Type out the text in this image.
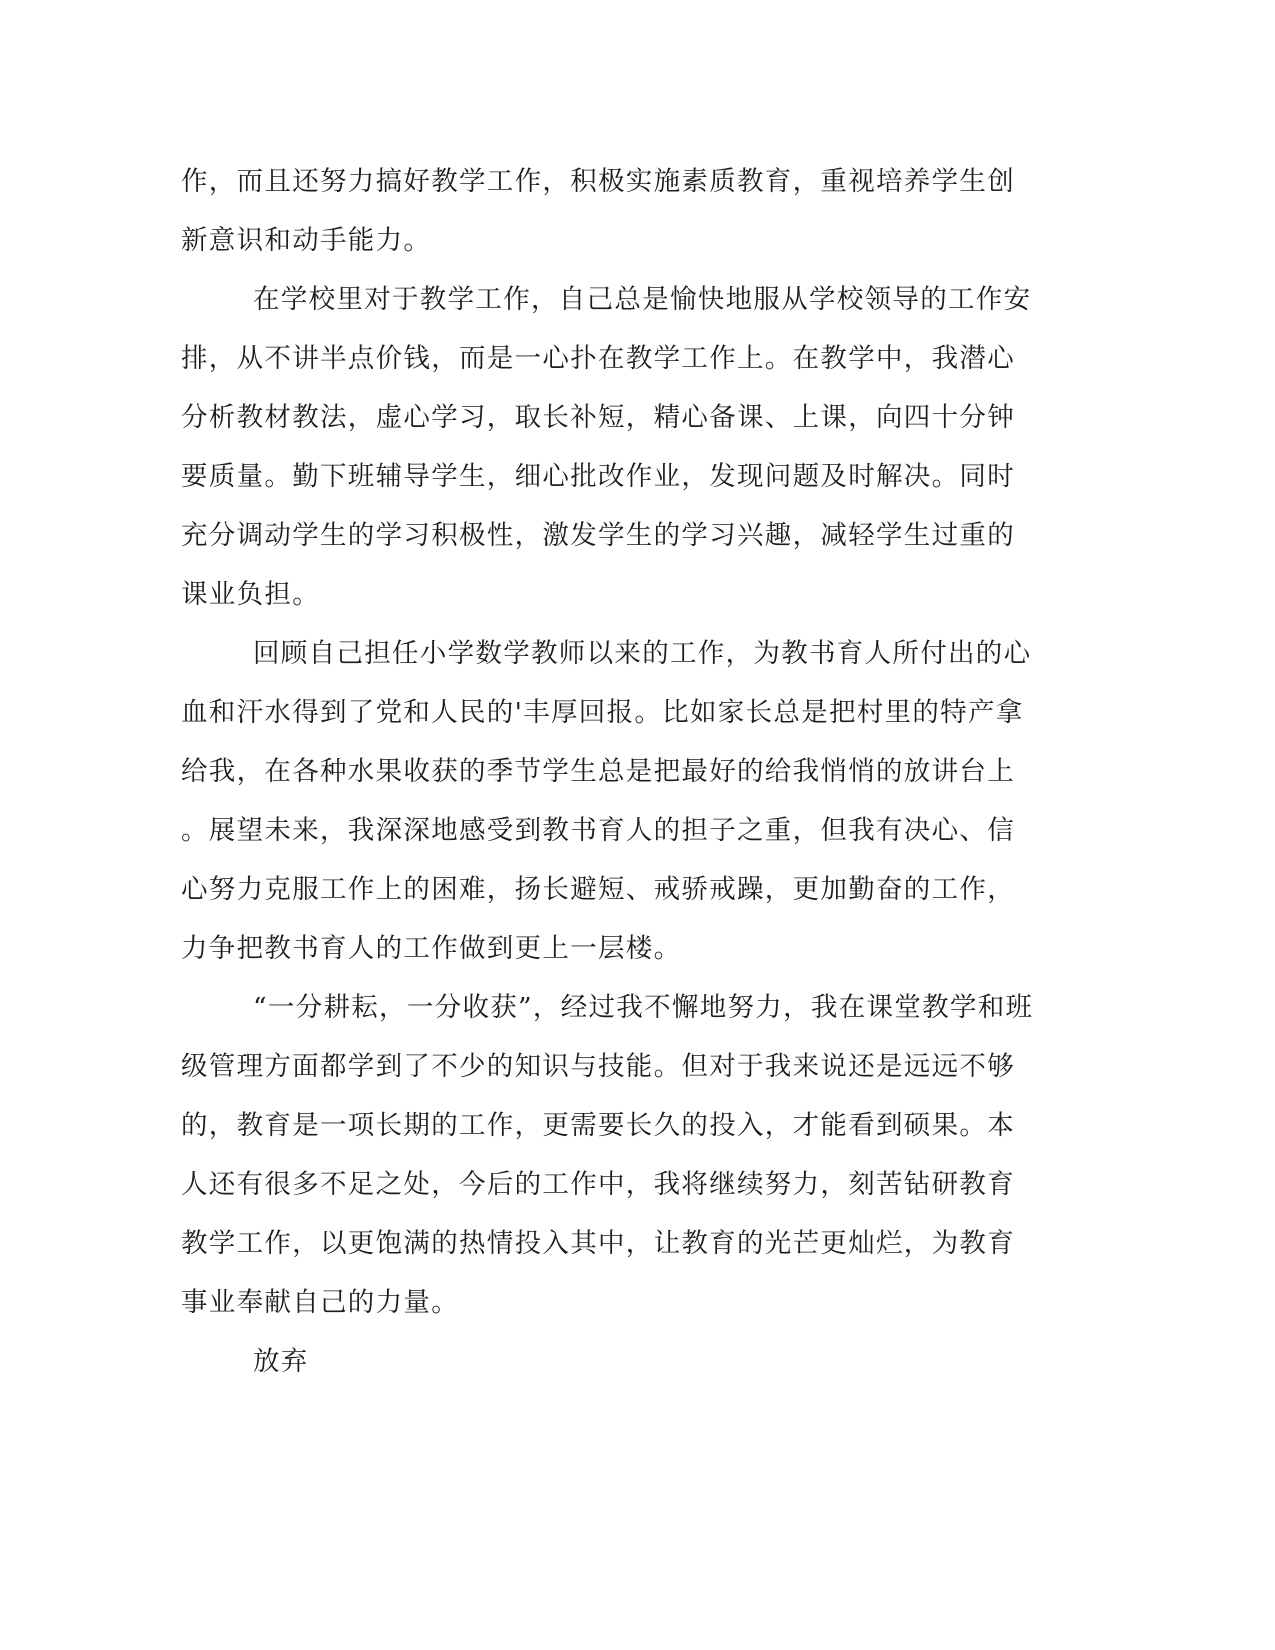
作，而且还努力搞好教学工作，积极实施素质教育，重视培养学生创
新意识和动手能力。
在学校里对于教学工作，自己总是愉快地服从学校领导的工作安
排，从不讲半点价钱，而是一心扑在教学工作上。在教学中，我潜心
分析教材教法，虚心学习，取长补短，精心备课、上课，向四十分钟
要质量。勤下班辅导学生，细心批改作业，发现问题及时解决。同时
充分调动学生的学习积极性，激发学生的学习兴趣，减轻学生过重的
课业负担。
回顾自己担任小学数学教师以来的工作，为教书育人所付出的心
血和汗水得到了党和人民的'丰厚回报。比如家长总是把村里的特产拿
给我，在各种水果收获的季节学生总是把最好的给我悄悄的放讲台上
。展望未来，我深深地感受到教书育人的担子之重，但我有决心、信
心努力克服工作上的困难，扬长避短、戒骄戒躁，更加勤奋的工作，
力争把教书育人的工作做到更上一层楼。
“一分耕耘，一分收获”，经过我不懈地努力，我在课堂教学和班
级管理方面都学到了不少的知识与技能。但对于我来说还是远远不够
的，教育是一项长期的工作，更需要长久的投入，才能看到硕果。本
人还有很多不足之处，今后的工作中，我将继续努力，刻苦钻研教育
教学工作，以更饱满的热情投入其中，让教育的光芒更灿烂，为教育
事业奉献自己的力量。
放弃
